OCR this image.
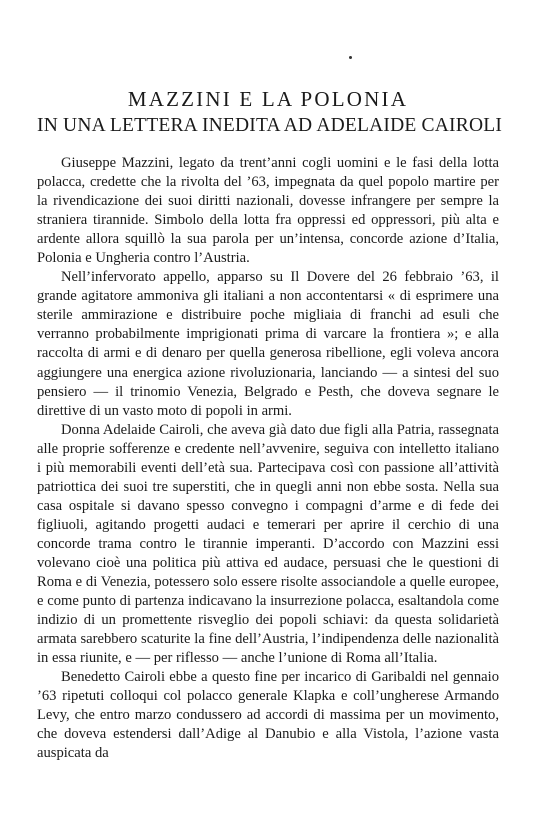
MAZZINI E LA POLONIA
IN UNA LETTERA INEDITA AD ADELAIDE CAIROLI

Giuseppe Mazzini, legato da trent’anni cogli uomini e le fasi della lotta polacca, credette che la rivolta del ’63, impegnata da quel popolo martire per la rivendicazione dei suoi diritti nazionali, dovesse infrangere per sempre la straniera tirannide. Simbolo della lotta fra oppressi ed oppressori, più alta e ardente allora squillò la sua parola per un’intensa, concorde azione d’Italia, Polonia e Ungheria contro l’Austria.

Nell’infervorato appello, apparso su Il Dovere del 26 febbraio ’63, il grande agitatore ammoniva gli italiani a non accontentarsi « di esprimere una sterile ammirazione e distribuire poche migliaia di franchi ad esuli che verranno probabilmente imprigionati prima di varcare la frontiera »; e alla raccolta di armi e di denaro per quella generosa ribellione, egli voleva ancora aggiungere una energica azione rivoluzionaria, lanciando — a sintesi del suo pensiero — il trinomio Venezia, Belgrado e Pesth, che doveva segnare le direttive di un vasto moto di popoli in armi.

Donna Adelaide Cairoli, che aveva già dato due figli alla Patria, rassegnata alle proprie sofferenze e credente nell’avvenire, seguiva con intelletto italiano i più memorabili eventi dell’età sua. Partecipava così con passione all’attività patriottica dei suoi tre superstiti, che in quegli anni non ebbe sosta. Nella sua casa ospitale si davano spesso convegno i compagni d’arme e di fede dei figliuoli, agitando progetti audaci e temerari per aprire il cerchio di una concorde trama contro le tirannie imperanti. D’accordo con Mazzini essi volevano cioè una politica più attiva ed audace, persuasi che le questioni di Roma e di Venezia, potessero solo essere risolte associandole a quelle europee, e come punto di partenza indicavano la insurrezione polacca, esaltandola come indizio di un promettente risveglio dei popoli schiavi: da questa solidarietà armata sarebbero scaturite la fine dell’Austria, l’indipendenza delle nazionalità in essa riunite, e — per riflesso — anche l’unione di Roma all’Italia.

Benedetto Cairoli ebbe a questo fine per incarico di Garibaldi nel gennaio ’63 ripetuti colloqui col polacco generale Klapka e coll’ungherese Armando Levy, che entro marzo condussero ad accordi di massima per un movimento, che doveva estendersi dall’Adige al Danubio e alla Vistola, l’azione vasta auspicata da
